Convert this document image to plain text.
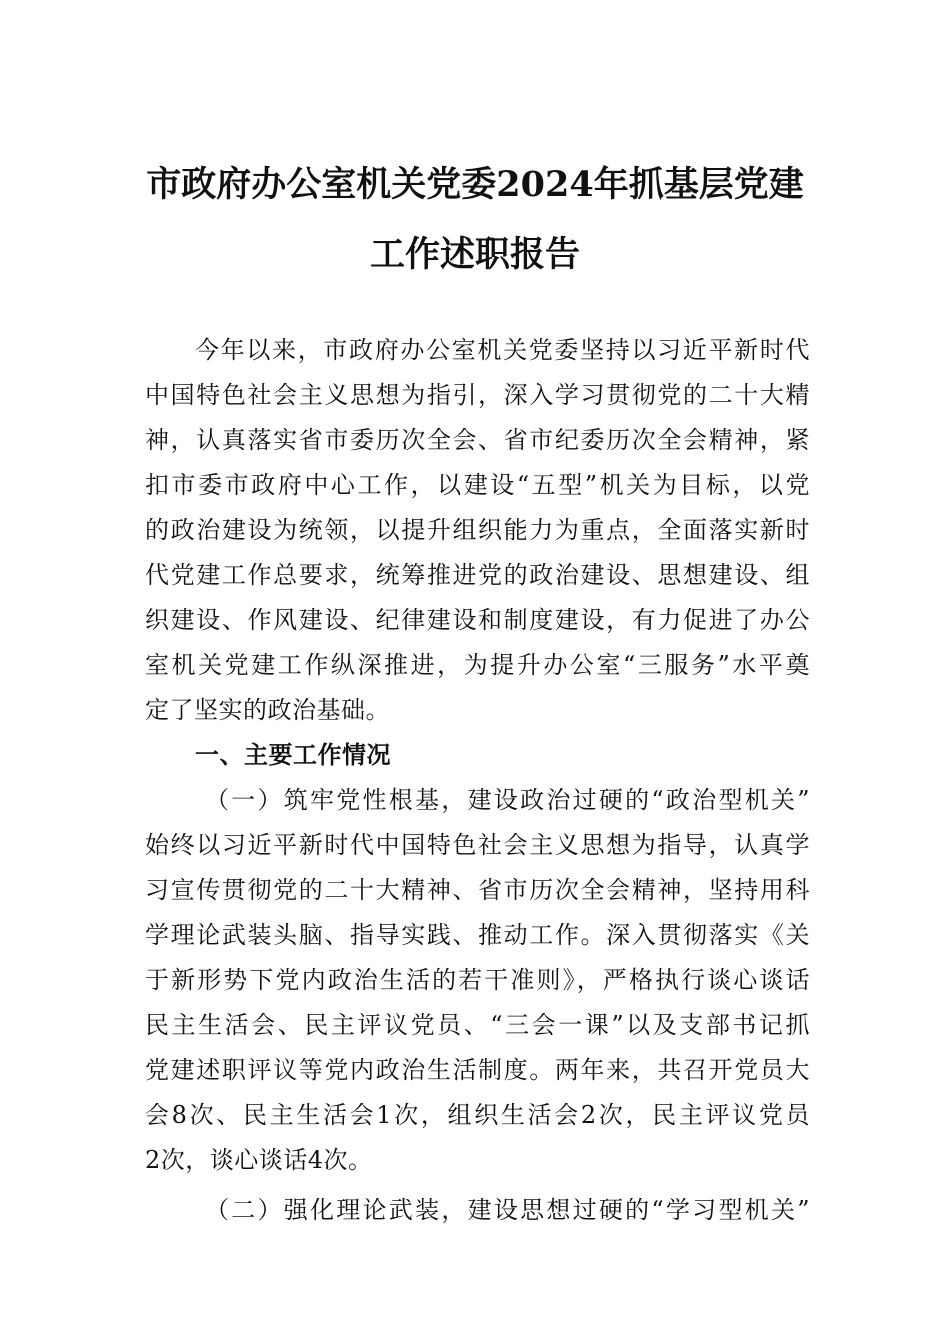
市政府办公室机关党委2024年抓基层党建
工作述职报告
今年以来，市政府办公室机关党委坚持以习近平新时代
中国特色社会主义思想为指引，深入学习贯彻党的二十大精
神，认真落实省市委历次全会、省市纪委历次全会精神，紧
扣市委市政府中心工作，以建设“五型”机关为目标，以党
的政治建设为统领，以提升组织能力为重点，全面落实新时
代党建工作总要求，统筹推进党的政治建设、思想建设、组
织建设、作风建设、纪律建设和制度建设，有力促进了办公
室机关党建工作纵深推进，为提升办公室“三服务”水平奠
定了坚实的政治基础。
一、主要工作情况
（一）筑牢党性根基，建设政治过硬的“政治型机关”
始终以习近平新时代中国特色社会主义思想为指导，认真学
习宣传贯彻党的二十大精神、省市历次全会精神，坚持用科
学理论武装头脑、指导实践、推动工作。深入贯彻落实《关
于新形势下党内政治生活的若干准则》，严格执行谈心谈话
民主生活会、民主评议党员、“三会一课”以及支部书记抓
党建述职评议等党内政治生活制度。两年来，共召开党员大
会8次、民主生活会1次，组织生活会2次，民主评议党员
2次，谈心谈话4次。
（二）强化理论武装，建设思想过硬的“学习型机关”
